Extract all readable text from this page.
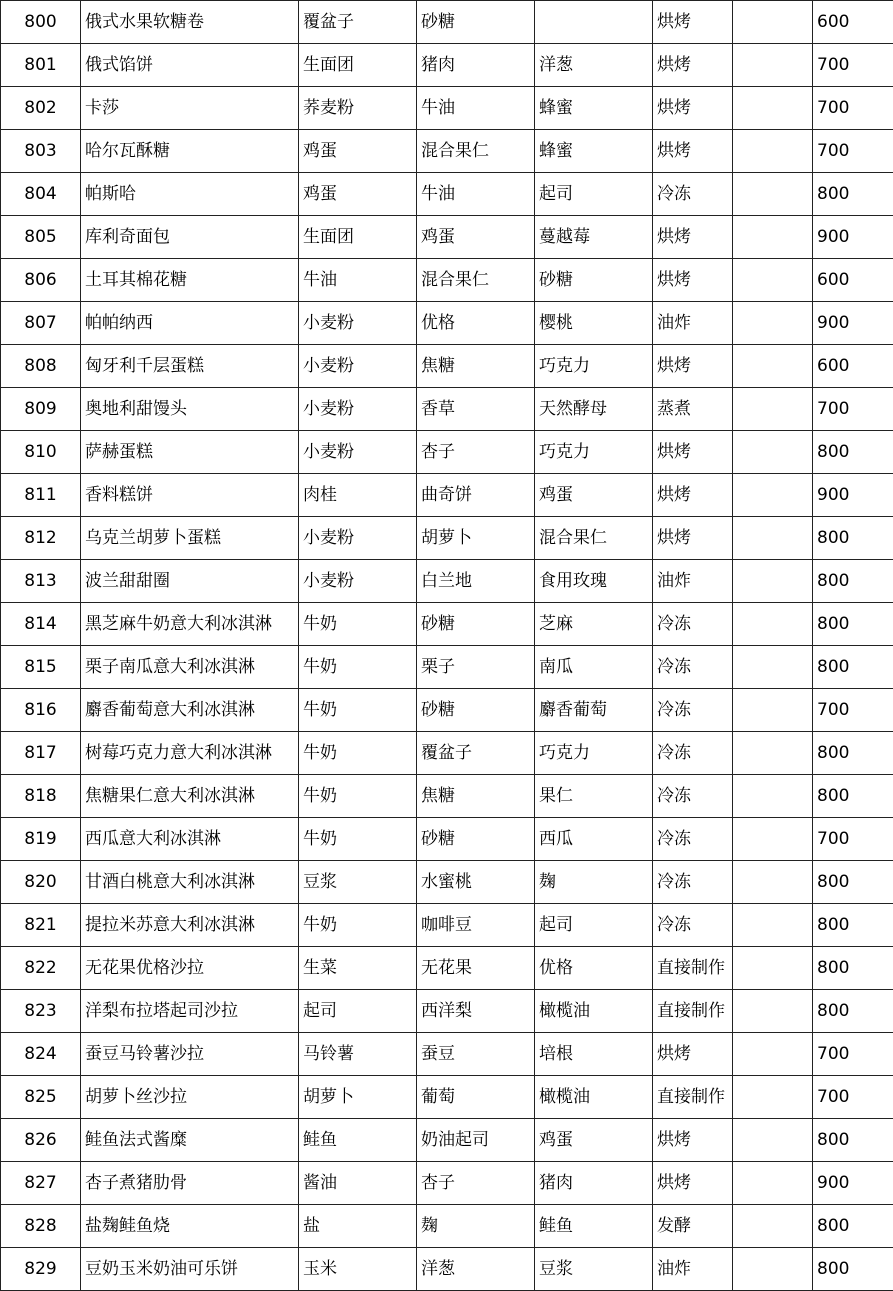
800	俄式水果软糖卷	覆盆子	砂糖		烘烤		600
801	俄式馅饼	生面团	猪肉	洋葱	烘烤		700
802	卡莎	荞麦粉	牛油	蜂蜜	烘烤		700
803	哈尔瓦酥糖	鸡蛋	混合果仁	蜂蜜	烘烤		700
804	帕斯哈	鸡蛋	牛油	起司	冷冻		800
805	库利奇面包	生面团	鸡蛋	蔓越莓	烘烤		900
806	土耳其棉花糖	牛油	混合果仁	砂糖	烘烤		600
807	帕帕纳西	小麦粉	优格	樱桃	油炸		900
808	匈牙利千层蛋糕	小麦粉	焦糖	巧克力	烘烤		600
809	奥地利甜馒头	小麦粉	香草	天然酵母	蒸煮		700
810	萨赫蛋糕	小麦粉	杏子	巧克力	烘烤		800
811	香料糕饼	肉桂	曲奇饼	鸡蛋	烘烤		900
812	乌克兰胡萝卜蛋糕	小麦粉	胡萝卜	混合果仁	烘烤		800
813	波兰甜甜圈	小麦粉	白兰地	食用玫瑰	油炸		800
814	黑芝麻牛奶意大利冰淇淋	牛奶	砂糖	芝麻	冷冻		800
815	栗子南瓜意大利冰淇淋	牛奶	栗子	南瓜	冷冻		800
816	麝香葡萄意大利冰淇淋	牛奶	砂糖	麝香葡萄	冷冻		700
817	树莓巧克力意大利冰淇淋	牛奶	覆盆子	巧克力	冷冻		800
818	焦糖果仁意大利冰淇淋	牛奶	焦糖	果仁	冷冻		800
819	西瓜意大利冰淇淋	牛奶	砂糖	西瓜	冷冻		700
820	甘酒白桃意大利冰淇淋	豆浆	水蜜桃	麹	冷冻		800
821	提拉米苏意大利冰淇淋	牛奶	咖啡豆	起司	冷冻		800
822	无花果优格沙拉	生菜	无花果	优格	直接制作		800
823	洋梨布拉塔起司沙拉	起司	西洋梨	橄榄油	直接制作		800
824	蚕豆马铃薯沙拉	马铃薯	蚕豆	培根	烘烤		700
825	胡萝卜丝沙拉	胡萝卜	葡萄	橄榄油	直接制作		700
826	鲑鱼法式酱糜	鲑鱼	奶油起司	鸡蛋	烘烤		800
827	杏子煮猪肋骨	酱油	杏子	猪肉	烘烤		900
828	盐麹鲑鱼烧	盐	麹	鲑鱼	发酵		800
829	豆奶玉米奶油可乐饼	玉米	洋葱	豆浆	油炸		800
